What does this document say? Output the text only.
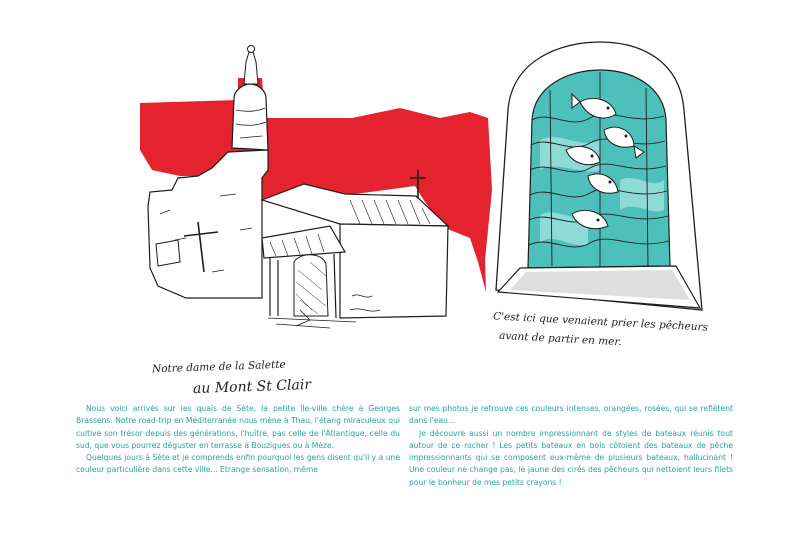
Notre dame de la Salette
au Mont St Clair
C'est ici que venaient prier les pêcheurs
avant de partir en mer.

Nous voici arrivés sur les quais de Sète, la petite île-ville chère à Georges Brassens. Notre road-trip en Méditerranée nous mène à Thau, l'étang miraculeux qui cultive son trésor depuis des générations, l'huître, pas celle de l'Atlantique, celle du sud, que vous pourrez déguster en terrasse à Bouzigues ou à Mèze.

Quelques jours à Sète et je comprends enfin pourquoi les gens disent qu'il y a une couleur particulière dans cette ville... Etrange sensation, même

sur mes photos je retrouve ces couleurs intenses, orangées, rosées, qui se reflètent dans l'eau...

Je découvre aussi un nombre impressionnant de styles de bateaux réunis tout autour de ce rocher ! Les petits bateaux en bois côtoient des bateaux de pêche impressionnants qui se composent eux-même de plusieurs bateaux, hallucinant ! Une couleur ne change pas, le jaune des cirés des pêcheurs qui nettoient leurs filets pour le bonheur de mes petits crayons !
